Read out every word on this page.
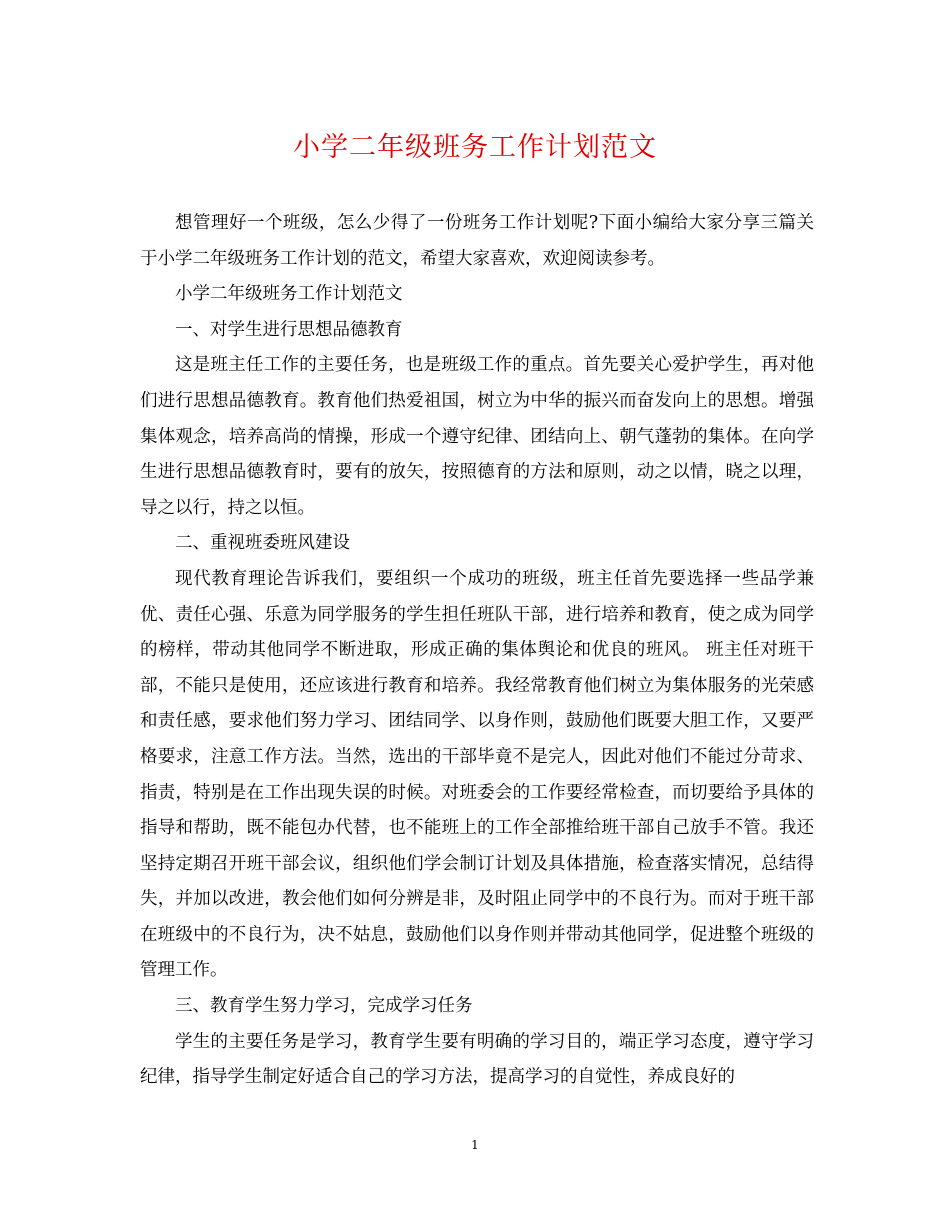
小学二年级班务工作计划范文

想管理好一个班级，怎么少得了一份班务工作计划呢?下面小编给大家分享三篇关于小学二年级班务工作计划的范文，希望大家喜欢，欢迎阅读参考。

小学二年级班务工作计划范文

一、对学生进行思想品德教育

这是班主任工作的主要任务，也是班级工作的重点。首先要关心爱护学生，再对他们进行思想品德教育。教育他们热爱祖国，树立为中华的振兴而奋发向上的思想。增强集体观念，培养高尚的情操，形成一个遵守纪律、团结向上、朝气蓬勃的集体。在向学生进行思想品德教育时，要有的放矢，按照德育的方法和原则，动之以情，晓之以理，导之以行，持之以恒。

二、重视班委班风建设

现代教育理论告诉我们，要组织一个成功的班级，班主任首先要选择一些品学兼优、责任心强、乐意为同学服务的学生担任班队干部，进行培养和教育，使之成为同学的榜样，带动其他同学不断进取，形成正确的集体舆论和优良的班风。 班主任对班干部，不能只是使用，还应该进行教育和培养。我经常教育他们树立为集体服务的光荣感和责任感，要求他们努力学习、团结同学、以身作则，鼓励他们既要大胆工作，又要严格要求，注意工作方法。当然，选出的干部毕竟不是完人，因此对他们不能过分苛求、指责，特别是在工作出现失误的时候。对班委会的工作要经常检查，而切要给予具体的指导和帮助，既不能包办代替，也不能班上的工作全部推给班干部自己放手不管。我还坚持定期召开班干部会议，组织他们学会制订计划及具体措施，检查落实情况，总结得失，并加以改进，教会他们如何分辨是非，及时阻止同学中的不良行为。而对于班干部在班级中的不良行为，决不姑息，鼓励他们以身作则并带动其他同学，促进整个班级的管理工作。

三、教育学生努力学习，完成学习任务

学生的主要任务是学习，教育学生要有明确的学习目的，端正学习态度，遵守学习纪律，指导学生制定好适合自己的学习方法，提高学习的自觉性，养成良好的

1
